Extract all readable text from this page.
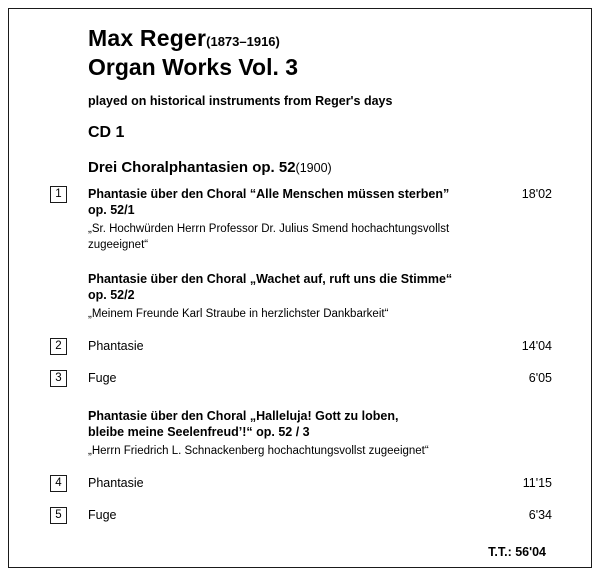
Max Reger(1873–1916)
Organ Works Vol. 3
played on historical instruments from Reger's days
CD 1
Drei Choralphantasien op. 52(1900)
1	Phantasie über den Choral “Alle Menschen müssen sterben”
op. 52/1
„Sr. Hochwürden Herrn Professor Dr. Julius Smend hochachtungsvollst zugeeignet“
18'02
Phantasie über den Choral „Wachet auf, ruft uns die Stimme“
op. 52/2
„Meinem Freunde Karl Straube in herzlichster Dankbarkeit“
2	Phantasie	14'04
3	Fuge	6'05
Phantasie über den Choral „Halleluja! Gott zu loben,
bleibe meine Seelenfreud’!“ op. 52 / 3
„Herrn Friedrich L. Schnackenberg hochachtungsvollst zugeeignet“
4	Phantasie	11'15
5	Fuge	6'34
T.T.: 56'04
